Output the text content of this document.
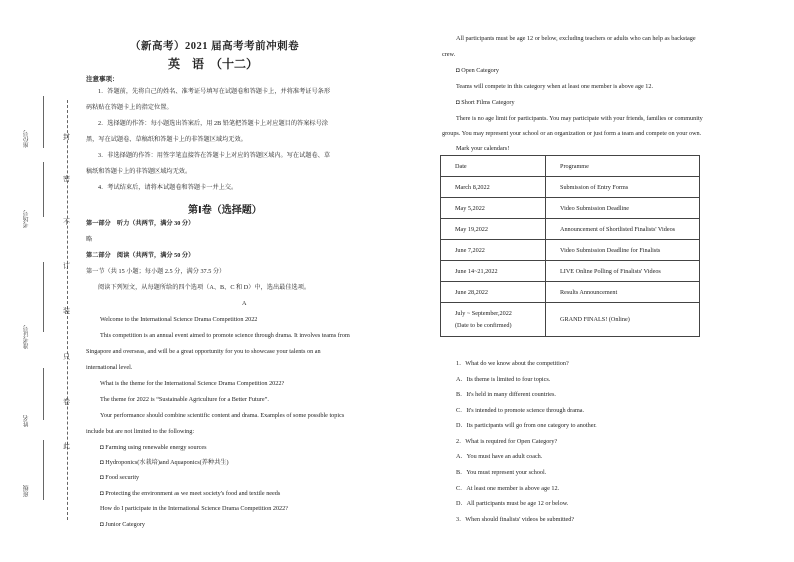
封
密
不
订
装
只
卷
此
座位号
考场号
准考证号
姓名
班级
（新高考）2021 届高考考前冲刺卷
英　语　（十二）
注意事项：
1．答题前，先将自己的姓名、准考证号填写在试题卷和答题卡上，并将准考证号条形
码粘贴在答题卡上的指定位置。
2．选择题的作答：每小题选出答案后，用 2B 铅笔把答题卡上对应题目的答案标号涂
黑，写在试题卷、草稿纸和答题卡上的非答题区域均无效。
3．非选择题的作答：用签字笔直接答在答题卡上对应的答题区域内。写在试题卷、草
稿纸和答题卡上的非答题区域均无效。
4．考试结束后，请将本试题卷和答题卡一并上交。
第Ⅰ卷（选择题）
第一部分　听力（共两节，满分 30 分）
略
第二部分　阅读（共两节，满分 50 分）
第一节（共 15 小题；每小题 2.5 分，满分 37.5 分）
阅读下列短文，从每题所给的四个选项（A、B、C 和 D）中，选出最佳选项。
A
Welcome to the International Science Drama Competition 2022
This competition is an annual event aimed to promote science through drama. It involves teams from
Singapore and overseas, and will be a great opportunity for you to showcase your talents on an
international level.
What is the theme for the International Science Drama Competition 2022?
The theme for 2022 is “Sustainable Agriculture for a Better Future”.
Your performance should combine scientific content and drama. Examples of some possible topics
include but are not limited to the following:
◘ Farming using renewable energy sources
◘ Hydroponics(水栽培)and Aquaponics(养种共生)
◘ Food security
◘ Protecting the environment as we meet society's food and textile needs
How do I participate in the International Science Drama Competition 2022?
◘ Junior Category
All participants must be age 12 or below, excluding teachers or adults who can help as backstage
crew.
◘ Open Category
Teams will compete in this category when at least one member is above age 12.
◘ Short Films Category
There is no age limit for participants. You may participate with your friends, families or community
groups. You may represent your school or an organization or just form a team and compete on your own.
Mark your calendars!
Date	Programme
March 8,2022	Submission of Entry Forms
May 5,2022	Video Submission Deadline
May 19,2022	Announcement of Shortlisted Finalists' Videos
June 7,2022	Video Submission Deadline for Finalists
June 14~21,2022	LIVE Online Polling of Finalists' Videos
June 28,2022	Results Announcement

July ~ September,2022
(Date to be confirmed)	GRAND FINALS! (Online)
1．What do we know about the competition?
A．Its theme is limited to four topics.
B．It's held in many different countries.
C．It's intended to promote science through drama.
D．Its participants will go from one category to another.
2．What is required for Open Category?
A．You must have an adult coach.
B．You must represent your school.
C．At least one member is above age 12.
D．All participants must be age 12 or below.
3．When should finalists' videos be submitted?
